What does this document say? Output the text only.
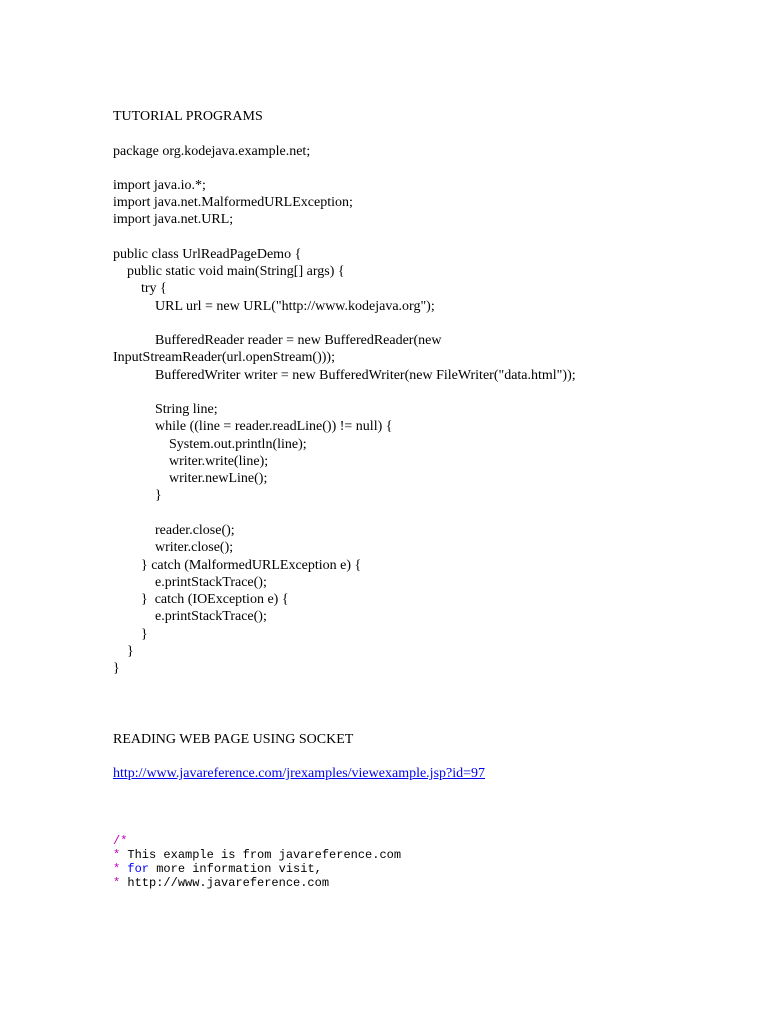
TUTORIAL PROGRAMS
package org.kodejava.example.net;
import java.io.*;
import java.net.MalformedURLException;
import java.net.URL;
public class UrlReadPageDemo {
public static void main(String[] args) {
try {
URL url = new URL("http://www.kodejava.org");
BufferedReader reader = new BufferedReader(new
InputStreamReader(url.openStream()));
BufferedWriter writer = new BufferedWriter(new FileWriter("data.html"));
String line;
while ((line = reader.readLine()) != null) {
System.out.println(line);
writer.write(line);
writer.newLine();
}
reader.close();
writer.close();
} catch (MalformedURLException e) {
e.printStackTrace();
}  catch (IOException e) {
e.printStackTrace();
}
}
}
READING WEB PAGE USING SOCKET
http://www.javareference.com/jrexamples/viewexample.jsp?id=97
/*
* This example is from javareference.com
* for more information visit,
* http://www.javareference.com
